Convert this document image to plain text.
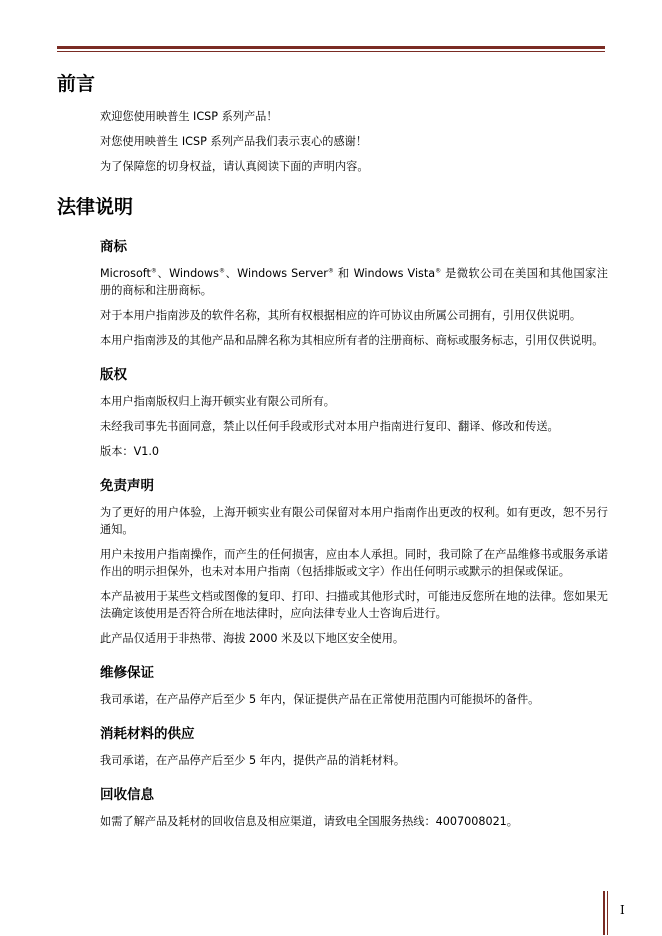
前言
欢迎您使用映普生 ICSP 系列产品！
对您使用映普生 ICSP 系列产品我们表示衷心的感谢！
为了保障您的切身权益，请认真阅读下面的声明内容。
法律说明
商标
Microsoft®、Windows®、Windows Server® 和 Windows Vista® 是微软公司在美国和其他国家注册的商标和注册商标。
对于本用户指南涉及的软件名称，其所有权根据相应的许可协议由所属公司拥有，引用仅供说明。
本用户指南涉及的其他产品和品牌名称为其相应所有者的注册商标、商标或服务标志，引用仅供说明。
版权
本用户指南版权归上海开顿实业有限公司所有。
未经我司事先书面同意，禁止以任何手段或形式对本用户指南进行复印、翻译、修改和传送。
版本：V1.0
免责声明
为了更好的用户体验，上海开顿实业有限公司保留对本用户指南作出更改的权利。如有更改，恕不另行通知。
用户未按用户指南操作，而产生的任何损害，应由本人承担。同时，我司除了在产品维修书或服务承诺作出的明示担保外，也未对本用户指南（包括排版或文字）作出任何明示或默示的担保或保证。
本产品被用于某些文档或图像的复印、打印、扫描或其他形式时，可能违反您所在地的法律。您如果无法确定该使用是否符合所在地法律时，应向法律专业人士咨询后进行。
此产品仅适用于非热带、海拔 2000 米及以下地区安全使用。
维修保证
我司承诺，在产品停产后至少 5 年内，保证提供产品在正常使用范围内可能损坏的备件。
消耗材料的供应
我司承诺，在产品停产后至少 5 年内，提供产品的消耗材料。
回收信息
如需了解产品及耗材的回收信息及相应渠道，请致电全国服务热线：4007008021。
I
